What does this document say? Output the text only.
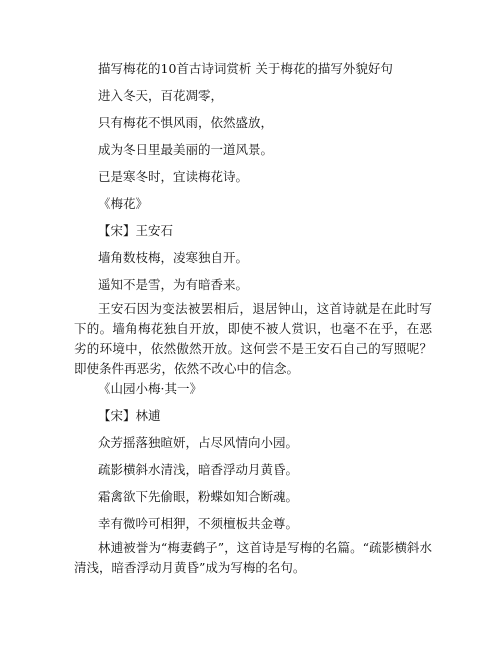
描写梅花的10首古诗词赏析 关于梅花的描写外貌好句
进入冬天，百花凋零，
只有梅花不惧风雨，依然盛放，
成为冬日里最美丽的一道风景。
已是寒冬时，宜读梅花诗。
《梅花》
【宋】王安石
墙角数枝梅，凌寒独自开。
遥知不是雪，为有暗香来。
王安石因为变法被罢相后，退居钟山，这首诗就是在此时写下的。墙角梅花独自开放，即使不被人赏识，也毫不在乎，在恶劣的环境中，依然傲然开放。这何尝不是王安石自己的写照呢？即使条件再恶劣，依然不改心中的信念。
《山园小梅·其一》
【宋】林逋
众芳摇落独暄妍，占尽风情向小园。
疏影横斜水清浅，暗香浮动月黄昏。
霜禽欲下先偷眼，粉蝶如知合断魂。
幸有微吟可相狎，不须檀板共金尊。
林逋被誉为“梅妻鹤子”，这首诗是写梅的名篇。“疏影横斜水清浅，暗香浮动月黄昏”成为写梅的名句。
